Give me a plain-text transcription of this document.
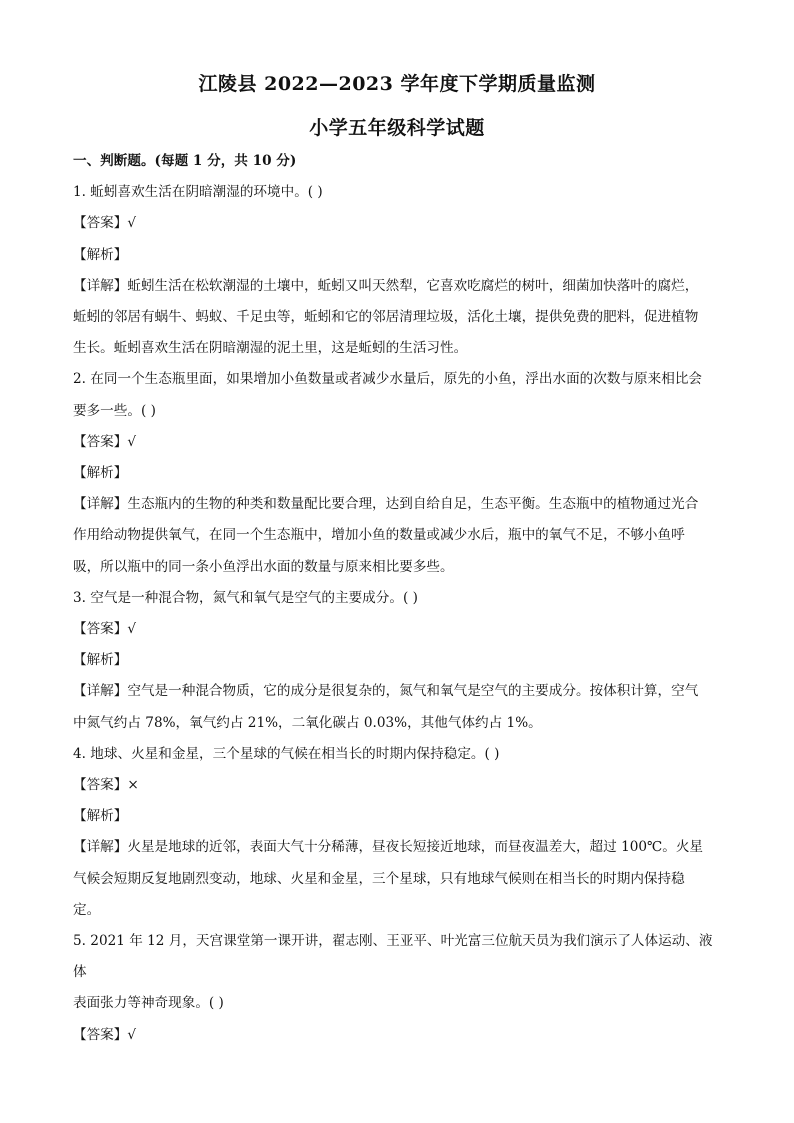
江陵县 2022—2023 学年度下学期质量监测
小学五年级科学试题

一、判断题。(每题 1 分，共 10 分)

1. 蚯蚓喜欢生活在阴暗潮湿的环境中。( )

【答案】√

【解析】

【详解】蚯蚓生活在松软潮湿的土壤中，蚯蚓又叫天然犁，它喜欢吃腐烂的树叶，细菌加快落叶的腐烂，

蚯蚓的邻居有蜗牛、蚂蚁、千足虫等，蚯蚓和它的邻居清理垃圾，活化土壤，提供免费的肥料，促进植物

生长。蚯蚓喜欢生活在阴暗潮湿的泥土里，这是蚯蚓的生活习性。

2. 在同一个生态瓶里面，如果增加小鱼数量或者减少水量后，原先的小鱼，浮出水面的次数与原来相比会

要多一些。( )

【答案】√

【解析】

【详解】生态瓶内的生物的种类和数量配比要合理，达到自给自足，生态平衡。生态瓶中的植物通过光合

作用给动物提供氧气，在同一个生态瓶中，增加小鱼的数量或减少水后，瓶中的氧气不足，不够小鱼呼

吸，所以瓶中的同一条小鱼浮出水面的数量与原来相比要多些。

3. 空气是一种混合物，氮气和氧气是空气的主要成分。( )

【答案】√

【解析】

【详解】空气是一种混合物质，它的成分是很复杂的，氮气和氧气是空气的主要成分。按体积计算，空气

中氮气约占 78%，氧气约占 21%，二氧化碳占 0.03%，其他气体约占 1%。

4. 地球、火星和金星，三个星球的气候在相当长的时期内保持稳定。( )

【答案】×

【解析】

【详解】火星是地球的近邻，表面大气十分稀薄，昼夜长短接近地球，而昼夜温差大，超过 100℃。火星

气候会短期反复地剧烈变动，地球、火星和金星，三个星球，只有地球气候则在相当长的时期内保持稳

定。

5. 2021 年 12 月，天宫课堂第一课开讲，翟志刚、王亚平、叶光富三位航天员为我们演示了人体运动、液体

表面张力等神奇现象。( )

【答案】√
